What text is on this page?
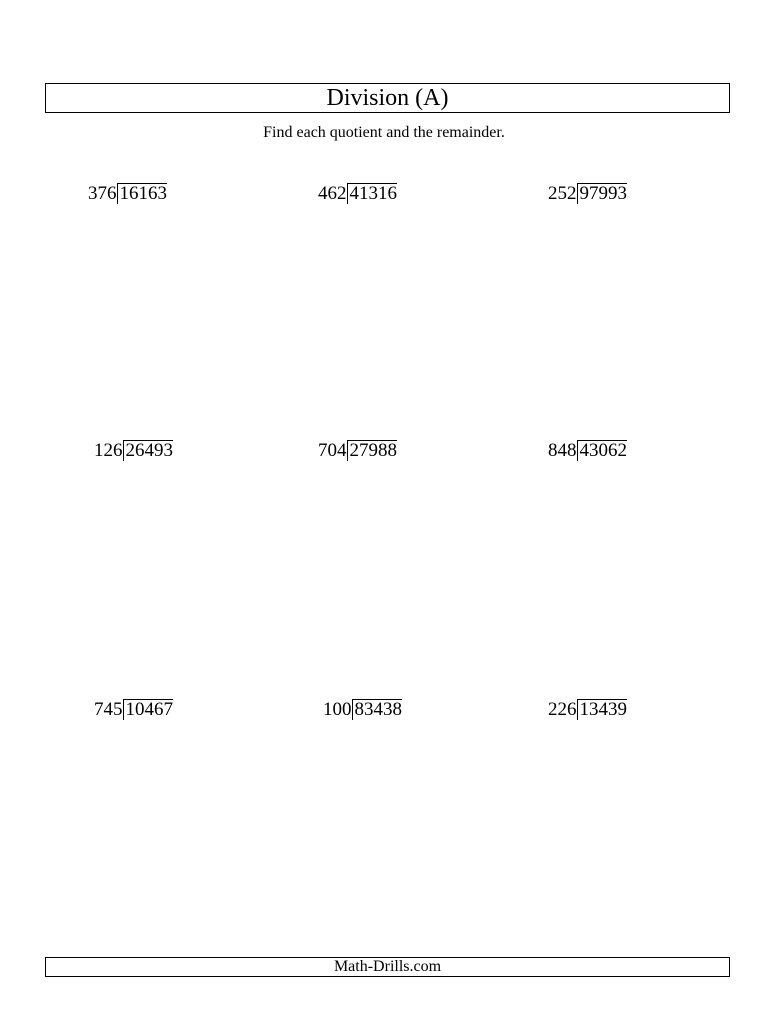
Division (A)
Find each quotient and the remainder.
376 16163	462 41316	252 97993
126 26493	704 27988	848 43062
745 10467	100 83438	226 13439
Math-Drills.com
